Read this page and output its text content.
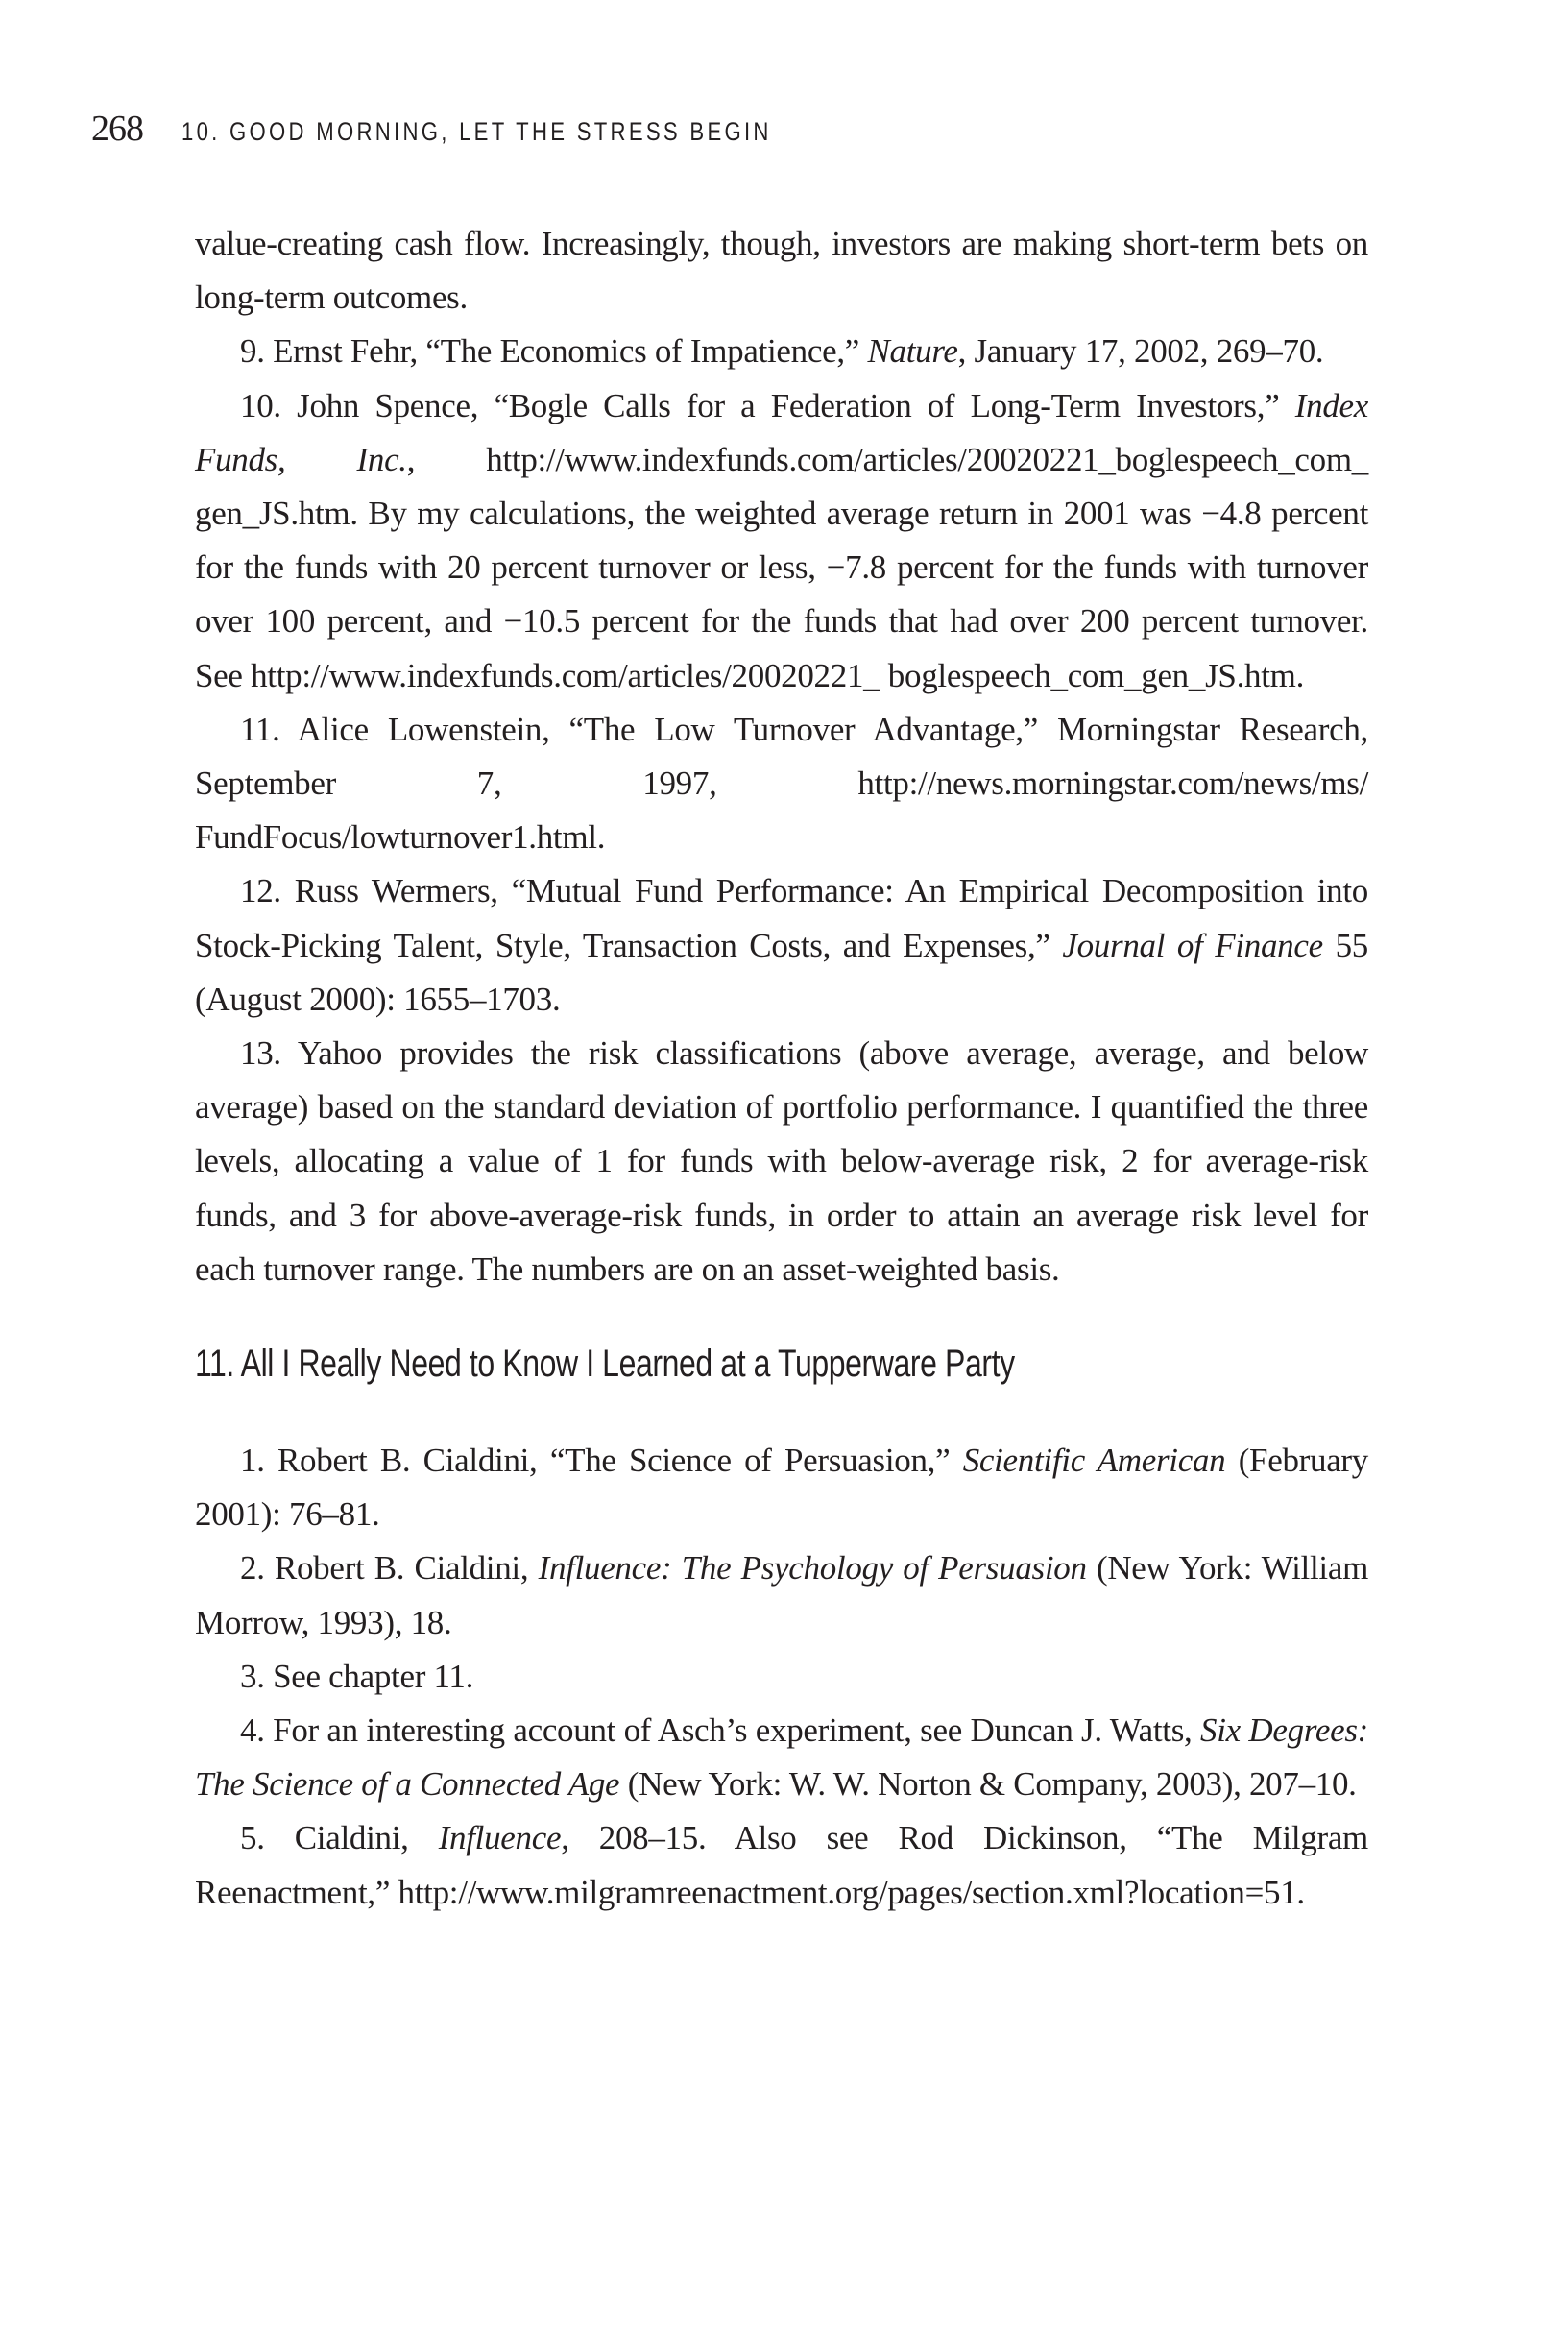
268 10. GOOD MORNING, LET THE STRESS BEGIN

value-creating cash flow. Increasingly, though, investors are making short-term bets on long-term outcomes.

9. Ernst Fehr, “The Economics of Impatience,” Nature, January 17, 2002, 269–70.

10. John Spence, “Bogle Calls for a Federation of Long-Term Investors,” Index Funds, Inc., http://www.indexfunds.com/articles/20020221_boglespeech_com_ gen_JS.htm. By my calculations, the weighted average return in 2001 was −4.8 percent for the funds with 20 percent turnover or less, −7.8 percent for the funds with turnover over 100 percent, and −10.5 percent for the funds that had over 200 percent turnover. See http://www.indexfunds.com/articles/20020221_ boglespeech_com_gen_JS.htm.

11. Alice Lowenstein, “The Low Turnover Advantage,” Morningstar Research, September 7, 1997, http://news.morningstar.com/news/ms/ FundFocus/lowturnover1.html.

12. Russ Wermers, “Mutual Fund Performance: An Empirical Decomposition into Stock-Picking Talent, Style, Transaction Costs, and Expenses,” Journal of Finance 55 (August 2000): 1655–1703.

13. Yahoo provides the risk classifications (above average, average, and below average) based on the standard deviation of portfolio performance. I quantified the three levels, allocating a value of 1 for funds with below-average risk, 2 for average-risk funds, and 3 for above-average-risk funds, in order to attain an average risk level for each turnover range. The numbers are on an asset-weighted basis.

11. All I Really Need to Know I Learned at a Tupperware Party

1. Robert B. Cialdini, “The Science of Persuasion,” Scientific American (February 2001): 76–81.

2. Robert B. Cialdini, Influence: The Psychology of Persuasion (New York: William Morrow, 1993), 18.

3. See chapter 11.

4. For an interesting account of Asch’s experiment, see Duncan J. Watts, Six Degrees: The Science of a Connected Age (New York: W. W. Norton & Company, 2003), 207–10.

5. Cialdini, Influence, 208–15. Also see Rod Dickinson, “The Milgram Reenactment,” http://www.milgramreenactment.org/pages/section.xml?location=51.
